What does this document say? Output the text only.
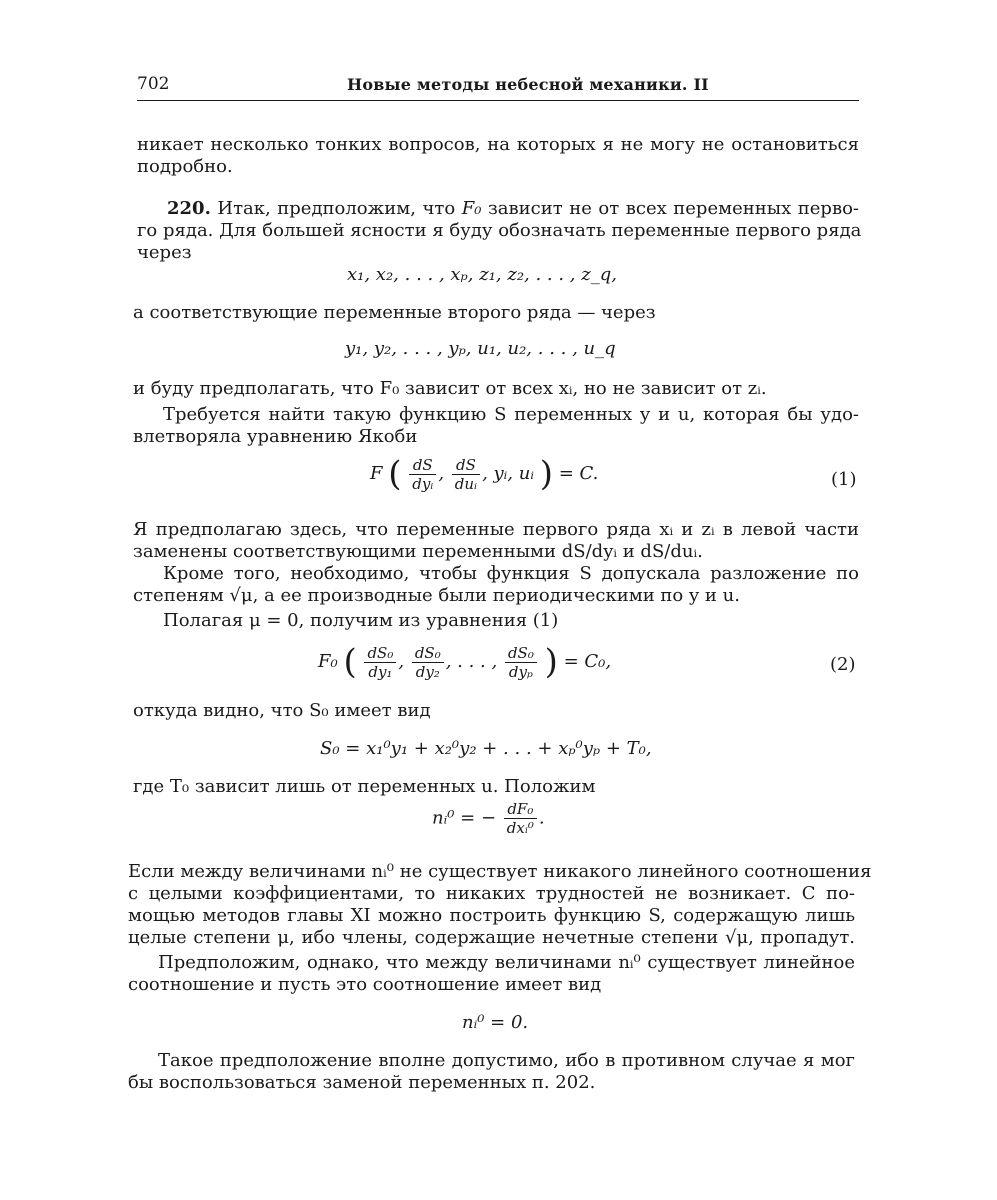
702	Новые методы небесной механики. II
никает несколько тонких вопросов, на которых я не могу не остановиться
подробно.
220. Итак, предположим, что F₀ зависит не от всех переменных перво-
го ряда. Для большей ясности я буду обозначать переменные первого ряда
через
x₁, x₂, . . . , xₚ, z₁, z₂, . . . , z_q,
а соответствующие переменные второго ряда — через
y₁, y₂, . . . , yₚ, u₁, u₂, . . . , u_q
и буду предполагать, что F₀ зависит от всех xᵢ, но не зависит от zᵢ.
Требуется найти такую функцию S переменных y и u, которая бы удо-
влетворяла уравнению Якоби
F ( $\frac{dS}{\text{dyᵢ}}$ , $\frac{dS}{\text{duᵢ}}$ , yᵢ, uᵢ ) = C.	(1)
Я предполагаю здесь, что переменные первого ряда xᵢ и zᵢ в левой части
заменены соответствующими переменными dS/dyᵢ и dS/duᵢ.
Кроме того, необходимо, чтобы функция S допускала разложение по
степеням √μ, а ее производные были периодическими по y и u.
Полагая μ = 0, получим из уравнения (1)
F₀ ( $\frac{\text{dS₀}}{\text{dy₁}}$ , $\frac{\text{dS₀}}{\text{dy₂}}$ , . . . , $\frac{\text{dS₀}}{\text{dyₚ}}$ ) = C₀,	(2)
откуда видно, что S₀ имеет вид
S₀ = x₁⁰y₁ + x₂⁰y₂ + . . . + xₚ⁰yₚ + T₀,
где T₀ зависит лишь от переменных u. Положим
nᵢ⁰ = − $\frac{\text{dF₀}}{\text{dxᵢ⁰}}$ .
Если между величинами nᵢ⁰ не существует никакого линейного соотношения
с целыми коэффициентами, то никаких трудностей не возникает. С по-
мощью методов главы XI можно построить функцию S, содержащую лишь
целые степени μ, ибо члены, содержащие нечетные степени √μ, пропадут.
Предположим, однако, что между величинами nᵢ⁰ существует линейное
соотношение и пусть это соотношение имеет вид
nᵢ⁰ = 0.
Такое предположение вполне допустимо, ибо в противном случае я мог
бы воспользоваться заменой переменных п. 202.
